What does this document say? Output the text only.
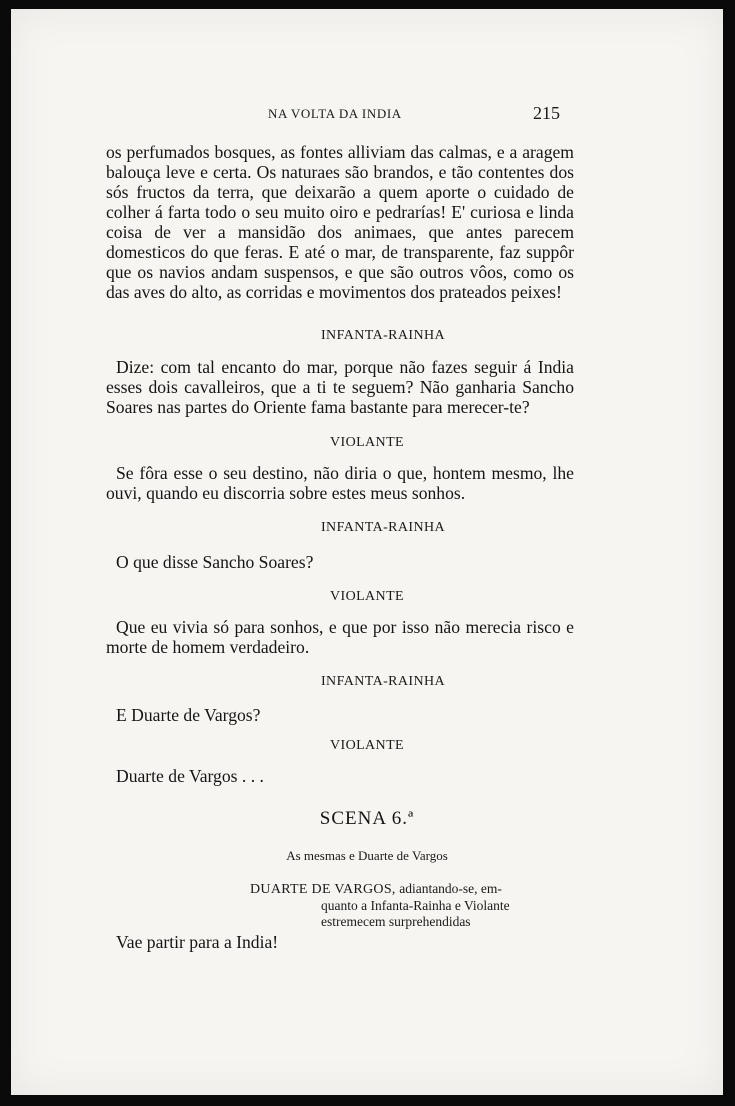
NA VOLTA DA INDIA	215

os perfumados bosques, as fontes alliviam das calmas, e a aragem balouça leve e certa. Os naturaes são brandos, e tão contentes dos sós fructos da terra, que deixarão a quem aporte o cuidado de colher á farta todo o seu muito oiro e pedrarías! E' curiosa e linda coisa de ver a mansidão dos animaes, que antes parecem domesticos do que feras. E até o mar, de transparente, faz suppôr que os navios andam suspensos, e que são outros vôos, como os das aves do alto, as corridas e movimentos dos prateados peixes!

INFANTA-RAINHA

Dize: com tal encanto do mar, porque não fazes seguir á India esses dois cavalleiros, que a ti te seguem? Não ganharia Sancho Soares nas partes do Oriente fama bastante para merecer-te?

VIOLANTE

Se fôra esse o seu destino, não diria o que, hontem mesmo, lhe ouvi, quando eu discorria sobre estes meus sonhos.

INFANTA-RAINHA

O que disse Sancho Soares?

VIOLANTE

Que eu vivia só para sonhos, e que por isso não merecia risco e morte de homem verdadeiro.

INFANTA-RAINHA

E Duarte de Vargos?

VIOLANTE

Duarte de Vargos . . .

SCENA 6.ª
As mesmas e Duarte de Vargos
DUARTE DE VARGOS, adiantando-se, em-
quanto a Infanta-Rainha e Violante
estremecem surprehendidas

Vae partir para a India!
